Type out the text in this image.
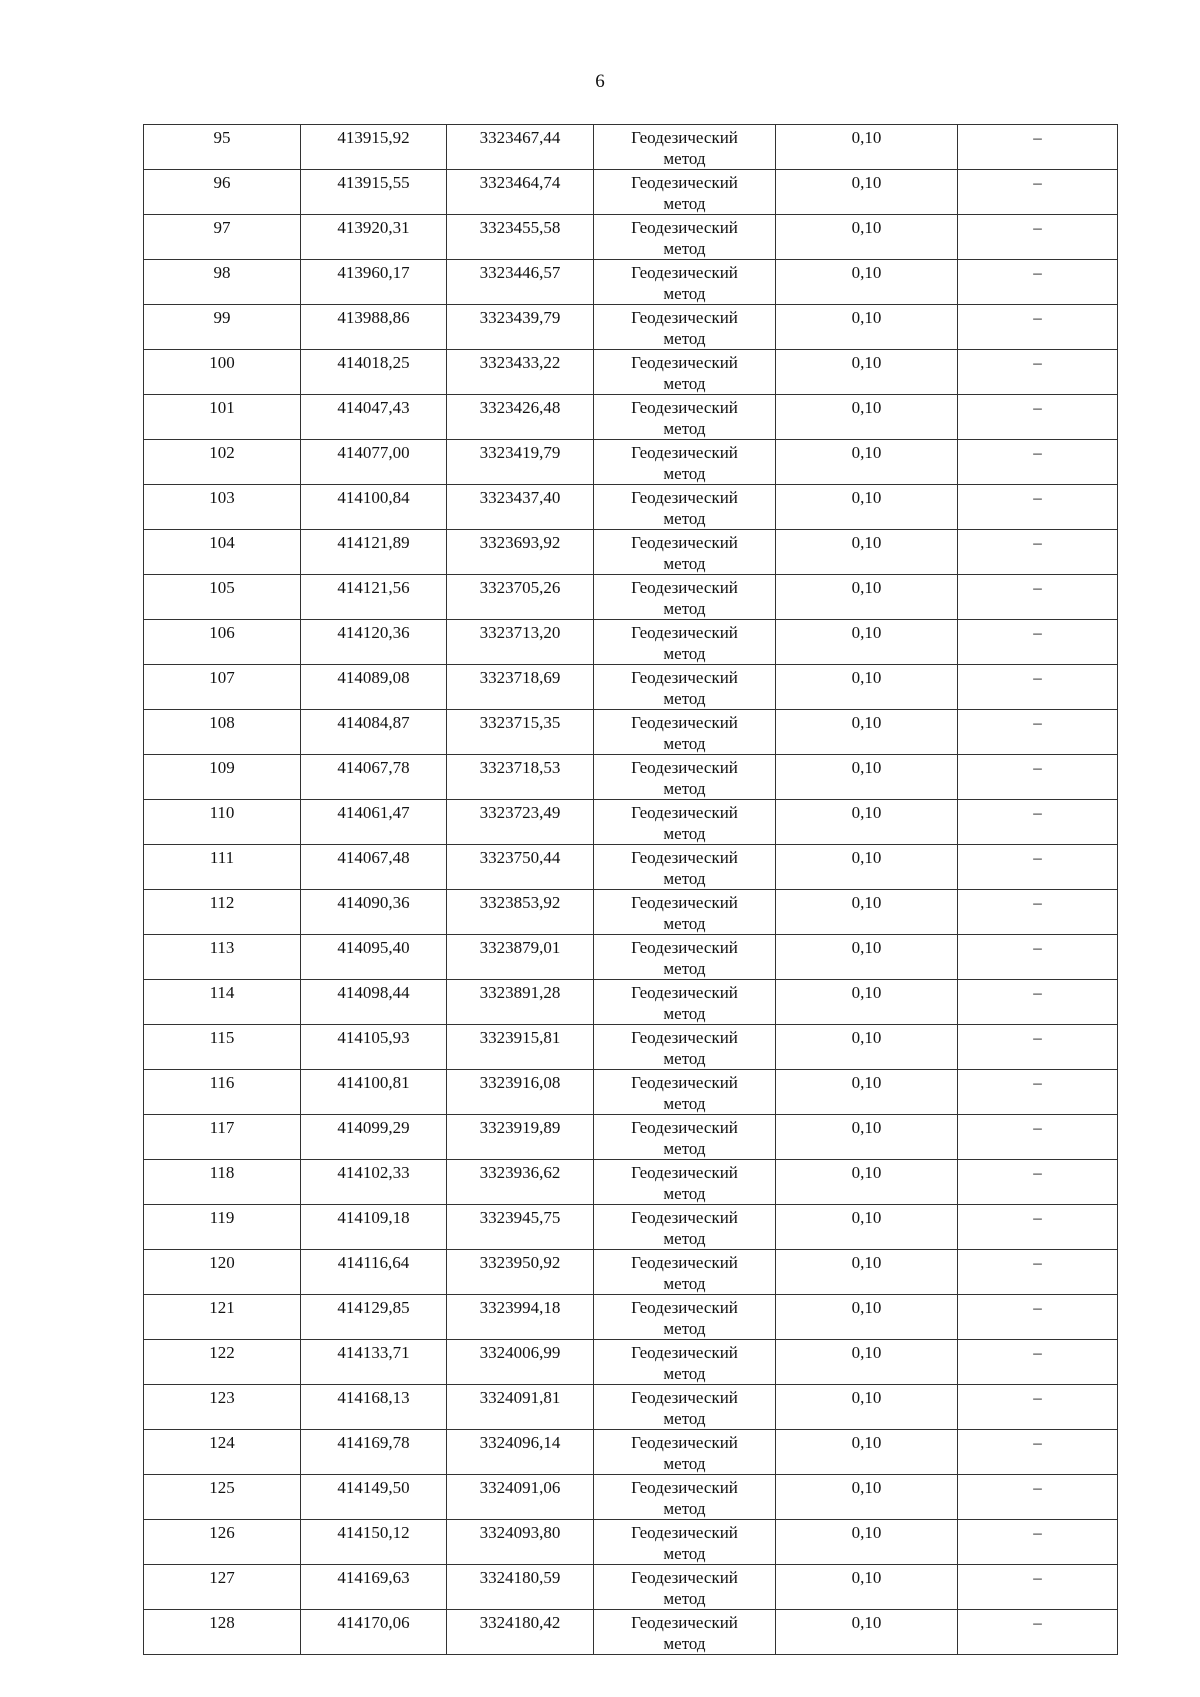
6
95	413915,92	3323467,44	Геодезический
метод	0,10	–
96	413915,55	3323464,74	Геодезический
метод	0,10	–
97	413920,31	3323455,58	Геодезический
метод	0,10	–
98	413960,17	3323446,57	Геодезический
метод	0,10	–
99	413988,86	3323439,79	Геодезический
метод	0,10	–
100	414018,25	3323433,22	Геодезический
метод	0,10	–
101	414047,43	3323426,48	Геодезический
метод	0,10	–
102	414077,00	3323419,79	Геодезический
метод	0,10	–
103	414100,84	3323437,40	Геодезический
метод	0,10	–
104	414121,89	3323693,92	Геодезический
метод	0,10	–
105	414121,56	3323705,26	Геодезический
метод	0,10	–
106	414120,36	3323713,20	Геодезический
метод	0,10	–
107	414089,08	3323718,69	Геодезический
метод	0,10	–
108	414084,87	3323715,35	Геодезический
метод	0,10	–
109	414067,78	3323718,53	Геодезический
метод	0,10	–
110	414061,47	3323723,49	Геодезический
метод	0,10	–
111	414067,48	3323750,44	Геодезический
метод	0,10	–
112	414090,36	3323853,92	Геодезический
метод	0,10	–
113	414095,40	3323879,01	Геодезический
метод	0,10	–
114	414098,44	3323891,28	Геодезический
метод	0,10	–
115	414105,93	3323915,81	Геодезический
метод	0,10	–
116	414100,81	3323916,08	Геодезический
метод	0,10	–
117	414099,29	3323919,89	Геодезический
метод	0,10	–
118	414102,33	3323936,62	Геодезический
метод	0,10	–
119	414109,18	3323945,75	Геодезический
метод	0,10	–
120	414116,64	3323950,92	Геодезический
метод	0,10	–
121	414129,85	3323994,18	Геодезический
метод	0,10	–
122	414133,71	3324006,99	Геодезический
метод	0,10	–
123	414168,13	3324091,81	Геодезический
метод	0,10	–
124	414169,78	3324096,14	Геодезический
метод	0,10	–
125	414149,50	3324091,06	Геодезический
метод	0,10	–
126	414150,12	3324093,80	Геодезический
метод	0,10	–
127	414169,63	3324180,59	Геодезический
метод	0,10	–
128	414170,06	3324180,42	Геодезический
метод	0,10	–
